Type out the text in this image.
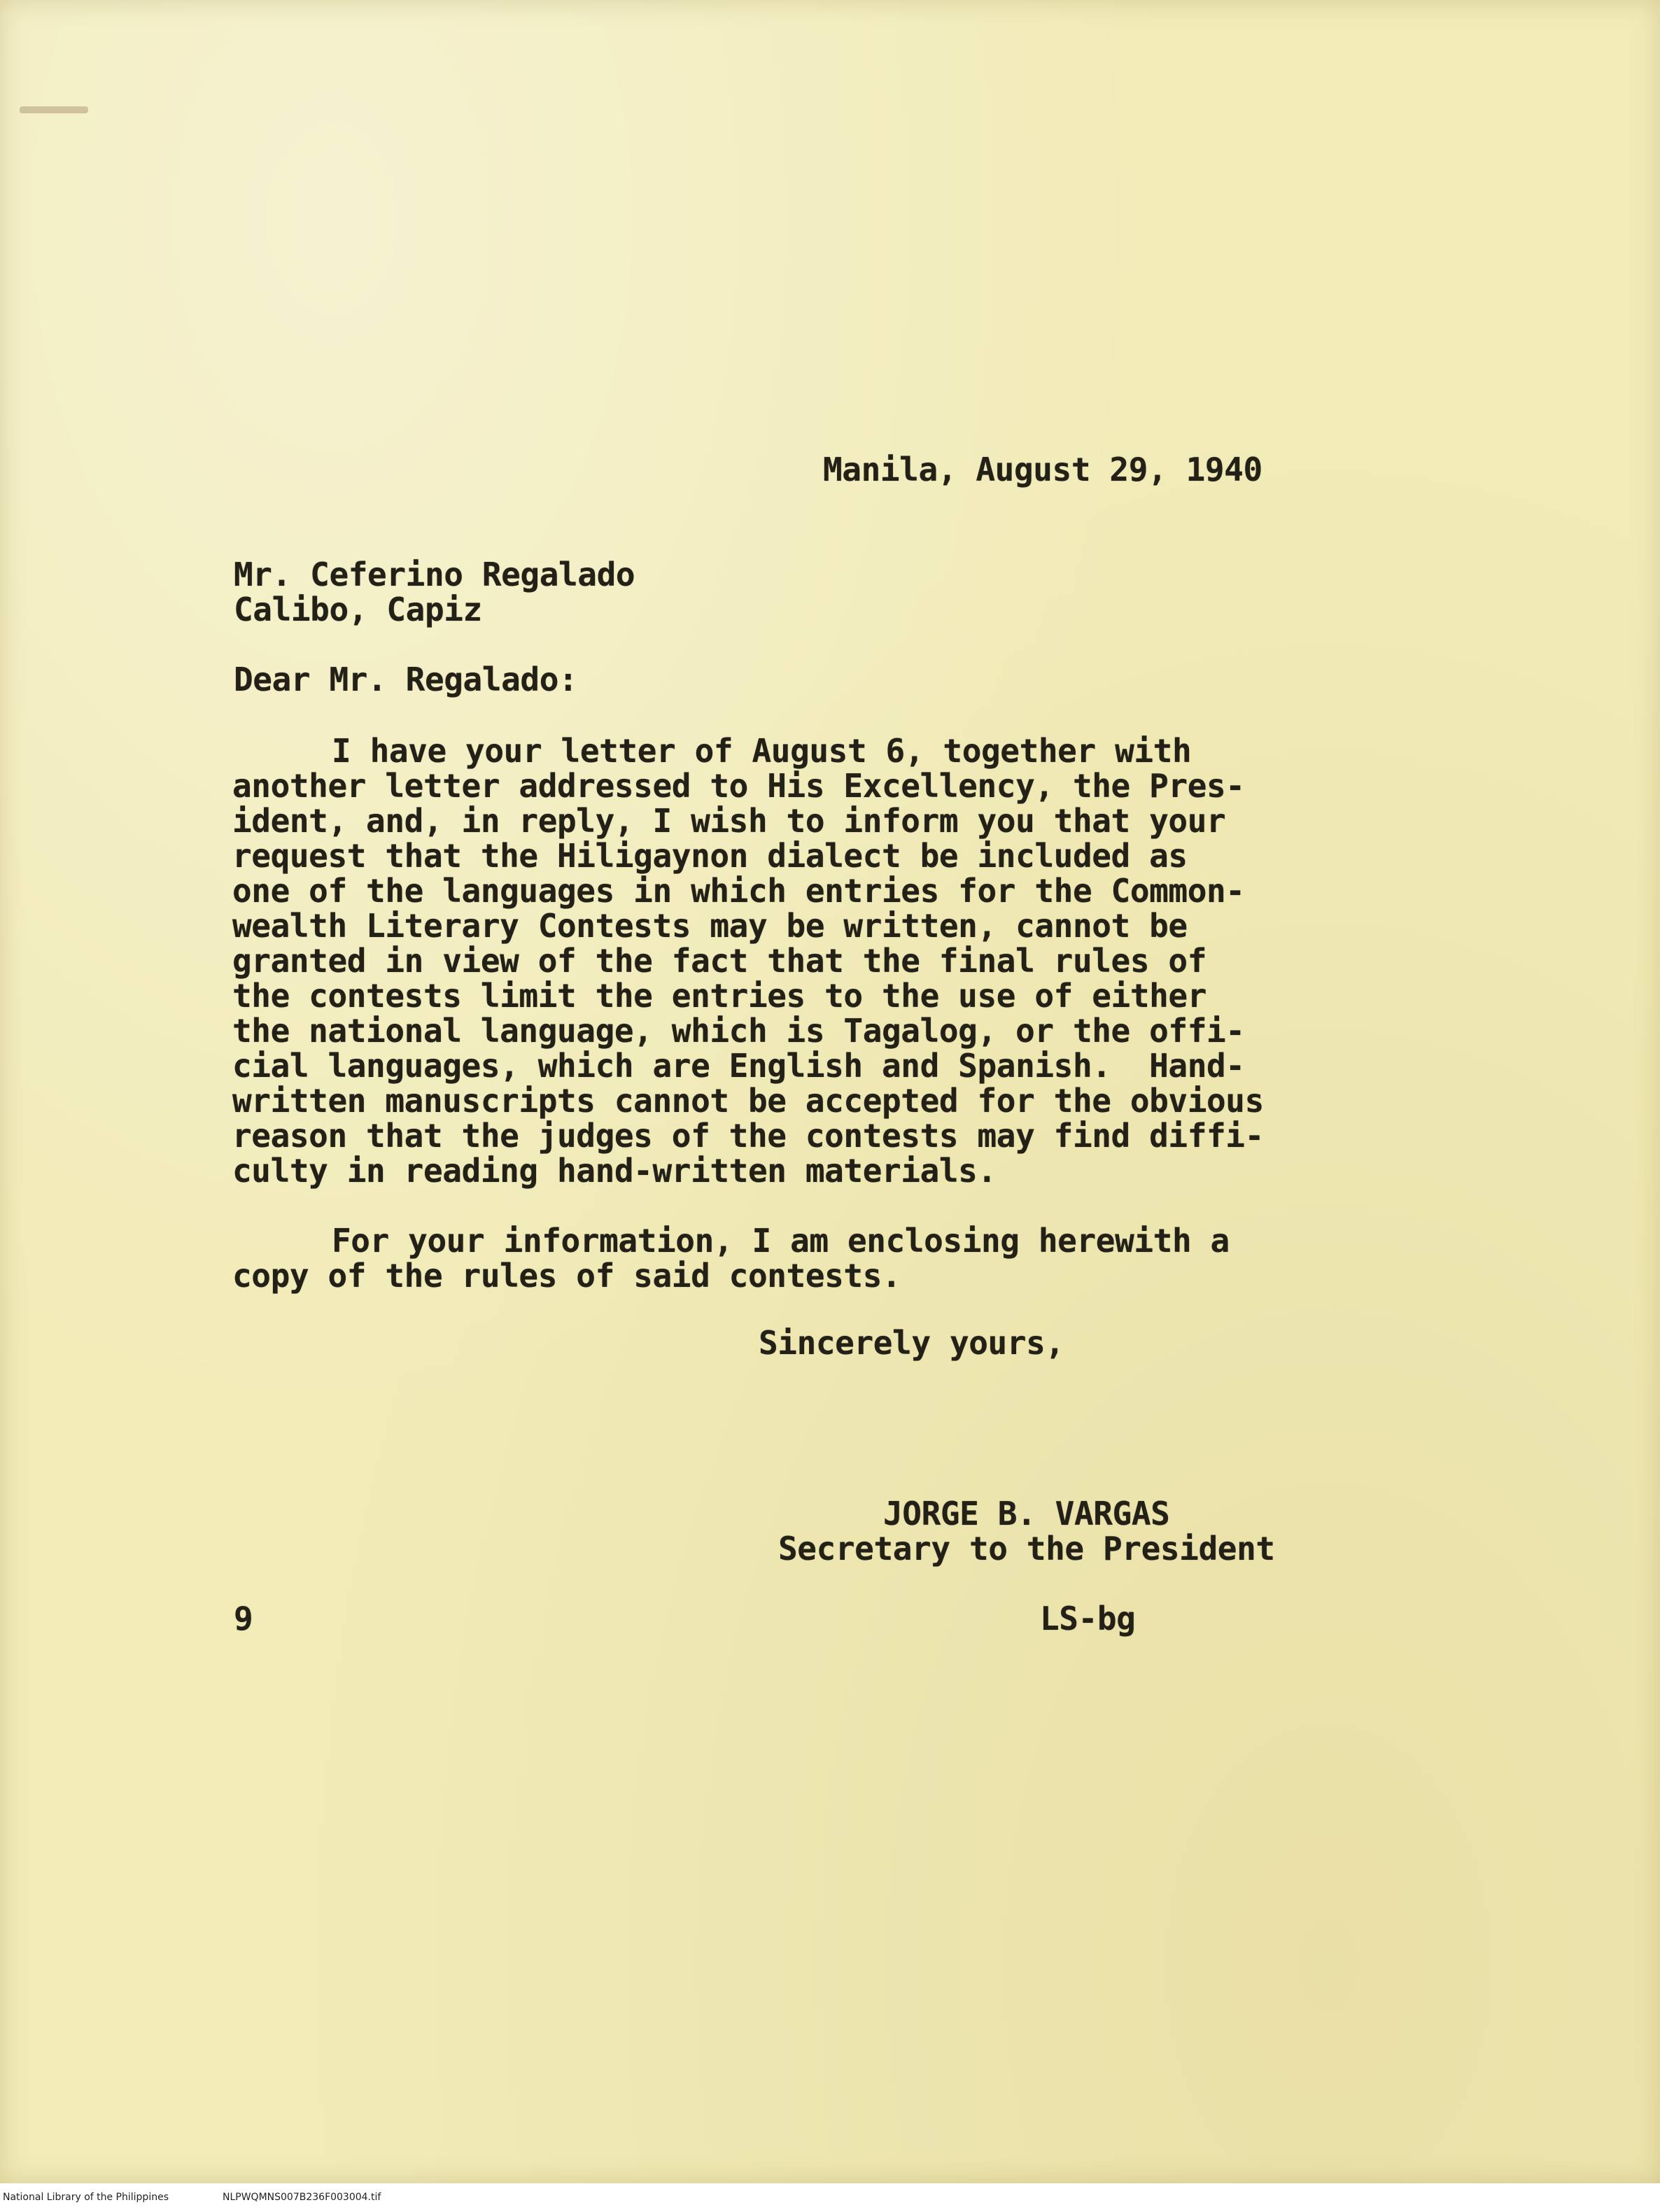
Manila, August 29, 1940
Mr. Ceferino Regalado
Calibo, Capiz
Dear Mr. Regalado:
I have your letter of August 6, together with
another letter addressed to His Excellency, the Pres-
ident, and, in reply, I wish to inform you that your
request that the Hiligaynon dialect be included as
one of the languages in which entries for the Common-
wealth Literary Contests may be written, cannot be
granted in view of the fact that the final rules of
the contests limit the entries to the use of either
the national language, which is Tagalog, or the offi-
cial languages, which are English and Spanish.  Hand-
written manuscripts cannot be accepted for the obvious
reason that the judges of the contests may find diffi-
culty in reading hand-written materials.
For your information, I am enclosing herewith a
copy of the rules of said contests.
Sincerely yours,
JORGE B. VARGAS
Secretary to the President
9	LS-bg
National Library of the Philippines	NLPWQMNS007B236F003004.tif
